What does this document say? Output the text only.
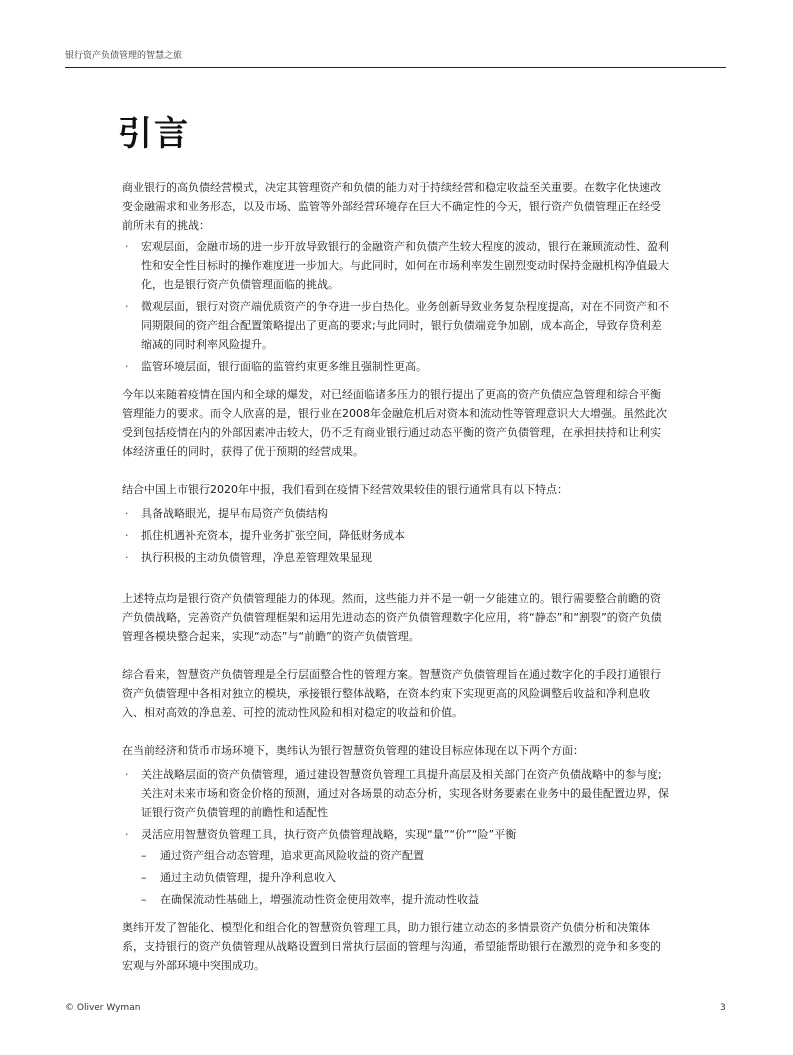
银行资产负债管理的智慧之旅
引言

商业银行的高负债经营模式，决定其管理资产和负债的能力对于持续经营和稳定收益至关重要。在数字化快速改变金融需求和业务形态，以及市场、监管等外部经营环境存在巨大不确定性的今天，银行资产负债管理正在经受前所未有的挑战：

· 宏观层面，金融市场的进一步开放导致银行的金融资产和负债产生较大程度的波动，银行在兼顾流动性、盈利性和安全性目标时的操作难度进一步加大。与此同时，如何在市场利率发生剧烈变动时保持金融机构净值最大化，也是银行资产负债管理面临的挑战。
· 微观层面，银行对资产端优质资产的争夺进一步白热化。业务创新导致业务复杂程度提高，对在不同资产和不同期限间的资产组合配置策略提出了更高的要求;与此同时，银行负债端竞争加剧，成本高企，导致存贷利差缩减的同时利率风险提升。
· 监管环境层面，银行面临的监管约束更多维且强制性更高。

今年以来随着疫情在国内和全球的爆发，对已经面临诸多压力的银行提出了更高的资产负债应急管理和综合平衡管理能力的要求。而令人欣喜的是，银行业在2008年金融危机后对资本和流动性等管理意识大大增强。虽然此次受到包括疫情在内的外部因素冲击较大，仍不乏有商业银行通过动态平衡的资产负债管理，在承担扶持和让利实体经济重任的同时，获得了优于预期的经营成果。

结合中国上市银行2020年中报，我们看到在疫情下经营效果较佳的银行通常具有以下特点：

· 具备战略眼光，提早布局资产负债结构
· 抓住机遇补充资本，提升业务扩张空间，降低财务成本
· 执行积极的主动负债管理，净息差管理效果显现

上述特点均是银行资产负债管理能力的体现。然而，这些能力并不是一朝一夕能建立的。银行需要整合前瞻的资产负债战略，完善资产负债管理框架和运用先进动态的资产负债管理数字化应用，将“静态”和“割裂”的资产负债管理各模块整合起来，实现“动态”与“前瞻”的资产负债管理。

综合看来，智慧资产负债管理是全行层面整合性的管理方案。智慧资产负债管理旨在通过数字化的手段打通银行资产负债管理中各相对独立的模块，承接银行整体战略，在资本约束下实现更高的风险调整后收益和净利息收入、相对高效的净息差、可控的流动性风险和相对稳定的收益和价值。

在当前经济和货币市场环境下，奥纬认为银行智慧资负管理的建设目标应体现在以下两个方面：

· 关注战略层面的资产负债管理，通过建设智慧资负管理工具提升高层及相关部门在资产负债战略中的参与度;关注对未来市场和资金价格的预测，通过对各场景的动态分析，实现各财务要素在业务中的最佳配置边界，保证银行资产负债管理的前瞻性和适配性
· 灵活应用智慧资负管理工具，执行资产负债管理战略，实现“量”“价”“险”平衡
– 通过资产组合动态管理，追求更高风险收益的资产配置
– 通过主动负债管理，提升净利息收入
– 在确保流动性基础上，增强流动性资金使用效率，提升流动性收益

奥纬开发了智能化、模型化和组合化的智慧资负管理工具，助力银行建立动态的多情景资产负债分析和决策体系，支持银行的资产负债管理从战略设置到日常执行层面的管理与沟通，希望能帮助银行在激烈的竞争和多变的宏观与外部环境中突围成功。

© Oliver Wyman	3
